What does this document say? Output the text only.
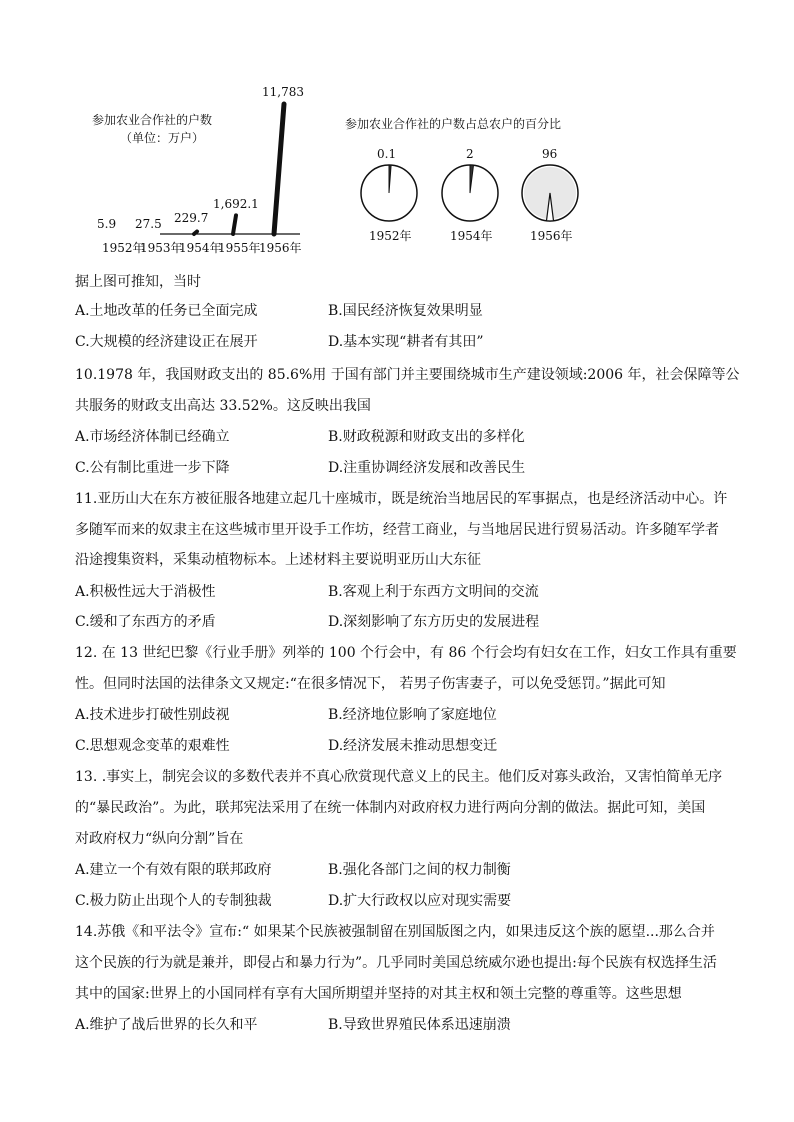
参加农业合作社的户数
（单位：万户）
5.9
1952年
27.5
1953年
229.7
1954年
1,692.1
1955年
11,783
1956年
参加农业合作社的户数占总农户的百分比
0.1
1952年
2
1954年
96
1956年
据上图可推知，当时
A.土地改革的任务已全面完成	B.国民经济恢复效果明显
C.大规模的经济建设正在展开	D.基本实现“耕者有其田”
10.1978 年，我国财政支出的 85.6%用 于国有部门并主要围绕城市生产建设领域:2006 年，社会保障等公
共服务的财政支出高达 33.52%。这反映出我国
A.市场经济体制已经确立	B.财政税源和财政支出的多样化
C.公有制比重进一步下降	D.注重协调经济发展和改善民生
11.亚历山大在东方被征服各地建立起几十座城市，既是统治当地居民的军事据点，也是经济活动中心。许
多随军而来的奴隶主在这些城市里开设手工作坊，经营工商业，与当地居民进行贸易活动。许多随军学者
沿途搜集资料，采集动植物标本。上述材料主要说明亚历山大东征
A.积极性远大于消极性	B.客观上利于东西方文明间的交流
C.缓和了东西方的矛盾	D.深刻影响了东方历史的发展进程
12. 在 13 世纪巴黎《行业手册》列举的 100 个行会中，有 86 个行会均有妇女在工作，妇女工作具有重要
性。但同时法国的法律条文又规定:“在很多情况下， 若男子伤害妻子，可以免受惩罚。”据此可知
A.技术进步打破性别歧视	B.经济地位影响了家庭地位
C.思想观念变革的艰难性	D.经济发展未推动思想变迁
13. .事实上，制宪会议的多数代表并不真心欣赏现代意义上的民主。他们反对寡头政治，又害怕简单无序
的“暴民政治”。为此，联邦宪法采用了在统一体制内对政府权力进行两向分割的做法。据此可知，美国
对政府权力“纵向分割”旨在
A.建立一个有效有限的联邦政府	B.强化各部门之间的权力制衡
C.极力防止出现个人的专制独裁	D.扩大行政权以应对现实需要
14.苏俄《和平法令》宣布:“ 如果某个民族被强制留在别国版图之内，如果违反这个族的愿望...那么合并
这个民族的行为就是兼并，即侵占和暴力行为”。几乎同时美国总统威尔逊也提出:每个民族有权选择生活
其中的国家:世界上的小国同样有享有大国所期望并坚持的对其主权和领土完整的尊重等。这些思想
A.维护了战后世界的长久和平	B.导致世界殖民体系迅速崩溃
